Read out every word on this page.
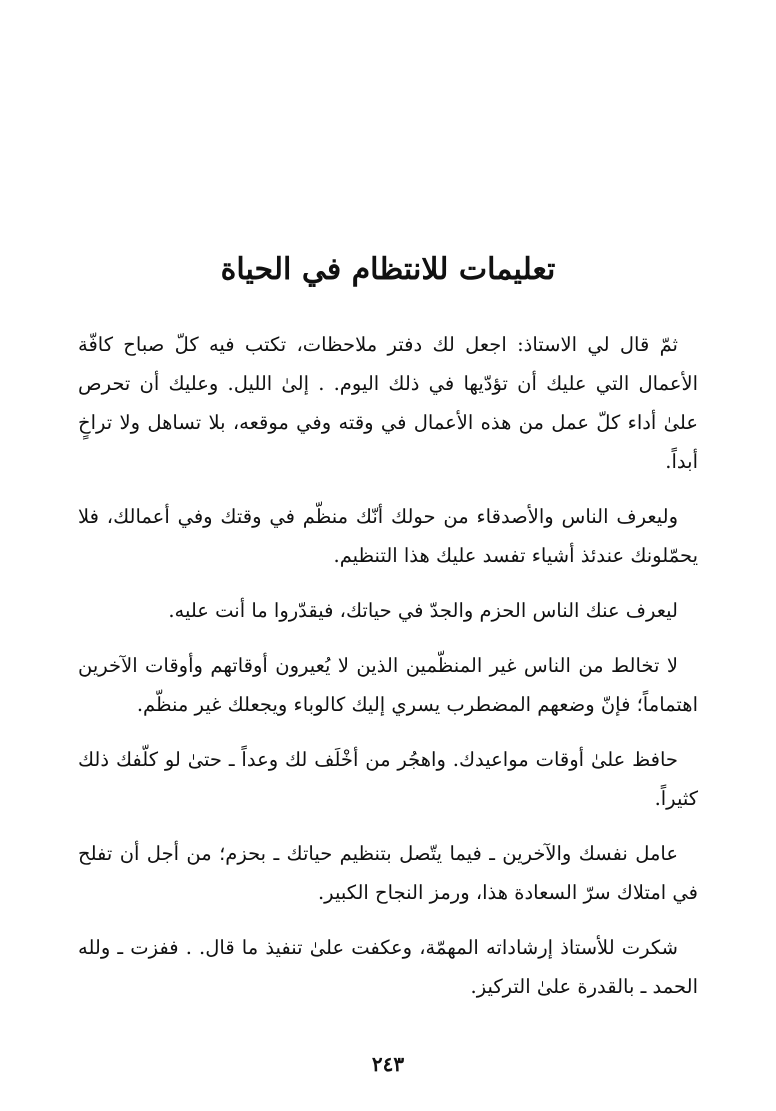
تعليمات للانتظام في الحياة

ثمّ قال لي الاستاذ: اجعل لك دفتر ملاحظات، تكتب فيه كلّ صباح كافّة الأعمال التي عليك أن تؤدّيها في ذلك اليوم. . إلىٰ الليل. وعليك أن تحرص علىٰ أداء كلّ عمل من هذه الأعمال في وقته وفي موقعه، بلا تساهل ولا تراخٍ أبداً.

وليعرف الناس والأصدقاء من حولك أنّك منظّم في وقتك وفي أعمالك، فلا يحمّلونك عندئذ أشياء تفسد عليك هذا التنظيم.

ليعرف عنك الناس الحزم والجدّ في حياتك، فيقدّروا ما أنت عليه.

لا تخالط من الناس غير المنظّمين الذين لا يُعيرون أوقاتهم وأوقات الآخرين اهتماماً؛ فإنّ وضعهم المضطرب يسري إليك كالوباء ويجعلك غير منظّم.

حافظ علىٰ أوقات مواعيدك. واهجُر من أخْلَف لك وعداً ـ حتىٰ لو كلّفك ذلك كثيراً.

عامل نفسك والآخرين ـ فيما يتّصل بتنظيم حياتك ـ بحزم؛ من أجل أن تفلح في امتلاك سرّ السعادة هذا، ورمز النجاح الكبير.

شكرت للأستاذ إرشاداته المهمّة، وعكفت علىٰ تنفيذ ما قال. . ففزت ـ ولله الحمد ـ بالقدرة علىٰ التركيز.

٢٤٣
